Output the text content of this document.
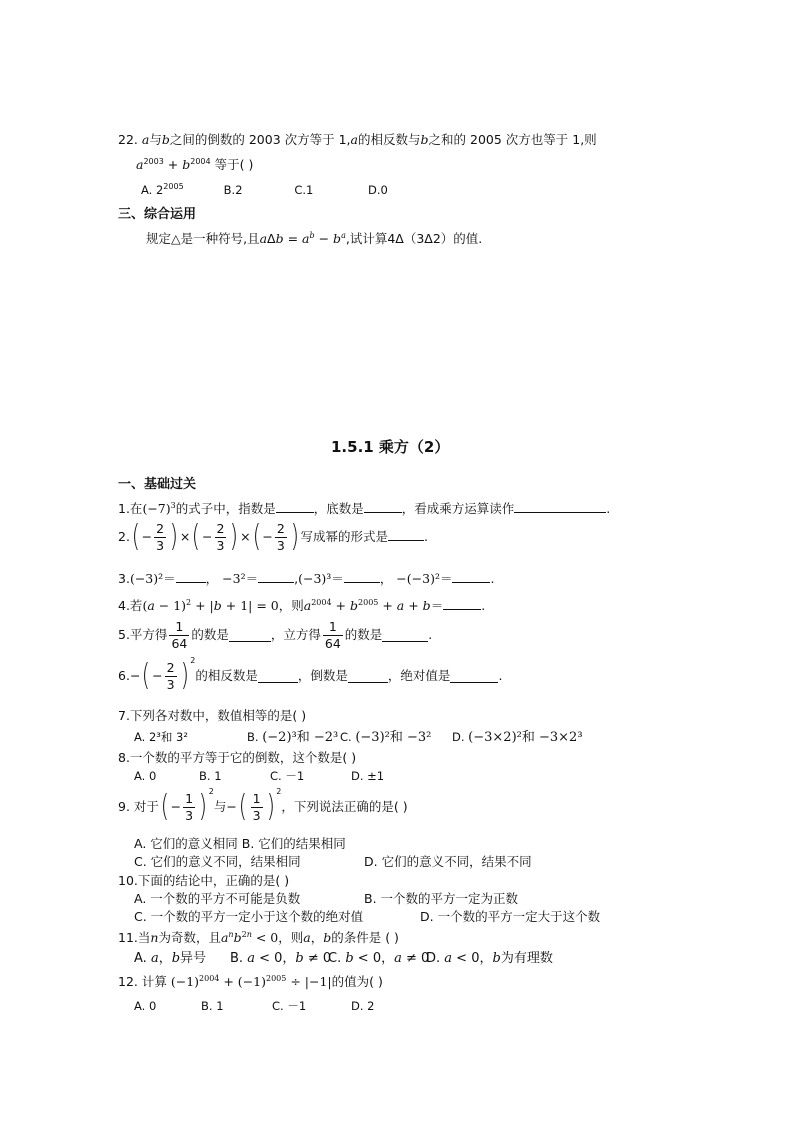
22. a与b之间的倒数的 2003 次方等于 1,a的相反数与b之和的 2005 次方也等于 1,则
$a^{2003} + b^{2004}$ 等于( )
A. $2^{2005}$	B.2	C.1	D.0
三、综合运用
规定△是一种符号,且$a\Delta b = a^b - b^a$,试计算4Δ（3Δ2）的值.
1.5.1 乘方（2）
一、基础过关
1.在$(-7)^3$的式子中，指数是	，底数是	，看成乘方运算读作	.
$2.( - \frac{2}{3}$ ) ×( − $\frac{2}{3}$ ) ×( − $\frac{2}{3}$ ) 写成幂的形式是	.
3.(−3)²＝ ， −3²＝	,(−3)³＝	， −(−3)²＝	.
4.若$(a - 1)^2 + |b + 1| = 0$，则$a^{2004} + b^{2005} + a + b=$	.
5.平方得 $\frac{1}{64}$ 的数是	，立方得 $\frac{1}{64}$ 的数是	.
$6.-( - \frac{2}{3}$ ) $^2$的相反数是	，倒数是	，绝对值是	.
7.下列各对数中，数值相等的是( )
A. 2³和 3²	B. (−2)³和 −2³ C. (−3)²和 −3² D. (−3×2)²和 −3×2³
8.一个数的平方等于它的倒数，这个数是( )
A. 0	B. 1	C. －1	D. ±1
9. 对于( − $\frac{1}{3}$ ) $^2$与−( $\frac{1}{3}$ ) $^2$，下列说法正确的是( )
A. 它们的意义相同 B. 它们的结果相同
C. 它们的意义不同，结果相同	D. 它们的意义不同，结果不同
10.下面的结论中，正确的是( )
A. 一个数的平方不可能是负数	B. 一个数的平方一定为正数
C. 一个数的平方一定小于这个数的绝对值	D. 一个数的平方一定大于这个数
11.当n为奇数，且$a^nb^{2n} < 0$，则a，b的条件是 ( )
A. a，b异号 B. a < 0，b ≠ 0C. b < 0，a ≠ 0D. a < 0，b为有理数
12. 计算 $(-1)^{2004} + (-1)^{2005} \div |-1|$的值为( )
A. 0	B. 1	C. －1	D. 2
